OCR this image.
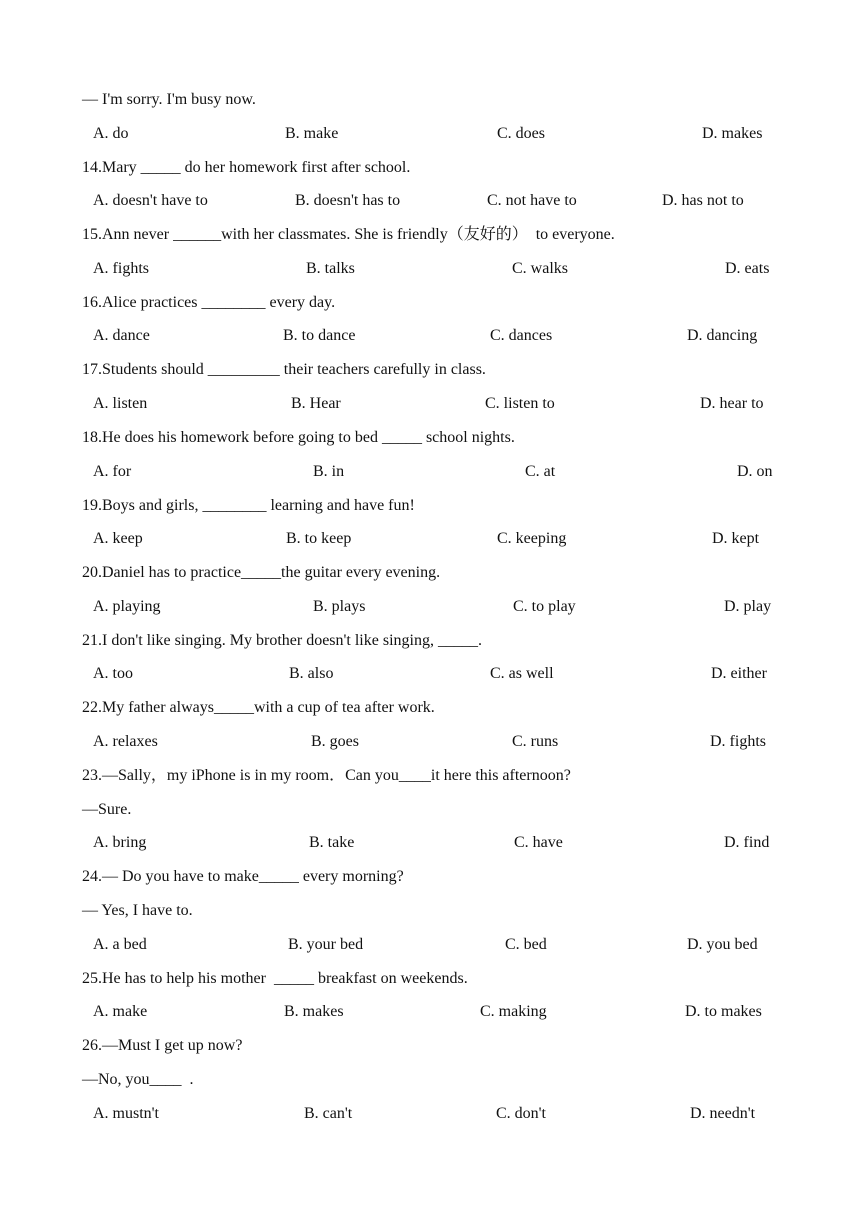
— I'm sorry. I'm busy now.
A. do	B. make	C. does	D. makes
14.Mary _____ do her homework first after school.
A. doesn't have to	B. doesn't has to	C. not have to	D. has not to
15.Ann never ______with her classmates. She is friendly（友好的）  to everyone.
A. fights	B. talks	C. walks	D. eats
16.Alice practices ________ every day.
A. dance	B. to dance	C. dances	D. dancing
17.Students should _________ their teachers carefully in class.
A. listen	B. Hear	C. listen to	D. hear to
18.He does his homework before going to bed _____ school nights.
A. for	B. in	C. at	D. on
19.Boys and girls, ________ learning and have fun!
A. keep	B. to keep	C. keeping	D. kept
20.Daniel has to practice_____the guitar every evening.
A. playing	B. plays	C. to play	D. play
21.I don't like singing. My brother doesn't like singing, _____.
A. too	B. also	C. as well	D. either
22.My father always_____with a cup of tea after work.
A. relaxes	B. goes	C. runs	D. fights
23.—Sally，my iPhone is in my room．Can you____it here this afternoon?
—Sure.
A. bring	B. take	C. have	D. find
24.— Do you have to make_____ every morning?
— Yes, I have to.
A. a bed	B. your bed	C. bed	D. you bed
25.He has to help his mother  _____ breakfast on weekends.
A. make	B. makes	C. making	D. to makes
26.—Must I get up now?
—No, you____  .
A. mustn't	B. can't	C. don't	D. needn't
